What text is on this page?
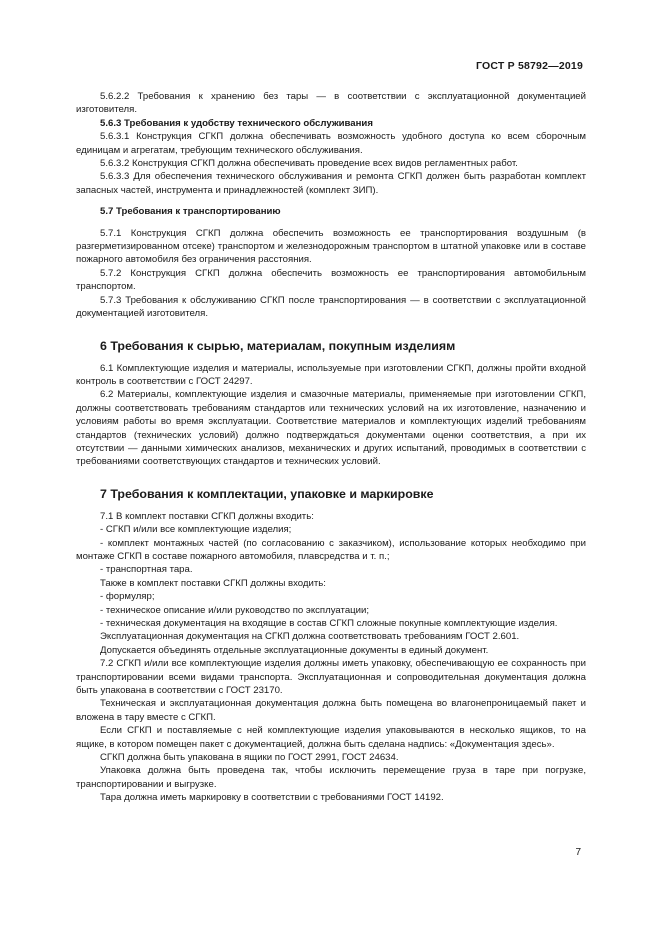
ГОСТ Р 58792—2019
5.6.2.2 Требования к хранению без тары — в соответствии с эксплуатационной документацией изготовителя.
5.6.3 Требования к удобству технического обслуживания
5.6.3.1 Конструкция СГКП должна обеспечивать возможность удобного доступа ко всем сборочным единицам и агрегатам, требующим технического обслуживания.
5.6.3.2 Конструкция СГКП должна обеспечивать проведение всех видов регламентных работ.
5.6.3.3 Для обеспечения технического обслуживания и ремонта СГКП должен быть разработан комплект запасных частей, инструмента и принадлежностей (комплект ЗИП).
5.7 Требования к транспортированию
5.7.1 Конструкция СГКП должна обеспечить возможность ее транспортирования воздушным (в разгерметизированном отсеке) транспортом и железнодорожным транспортом в штатной упаковке или в составе пожарного автомобиля без ограничения расстояния.
5.7.2 Конструкция СГКП должна обеспечить возможность ее транспортирования автомобильным транспортом.
5.7.3 Требования к обслуживанию СГКП после транспортирования — в соответствии с эксплуатационной документацией изготовителя.
6 Требования к сырью, материалам, покупным изделиям
6.1 Комплектующие изделия и материалы, используемые при изготовлении СГКП, должны пройти входной контроль в соответствии с ГОСТ 24297.
6.2 Материалы, комплектующие изделия и смазочные материалы, применяемые при изготовлении СГКП, должны соответствовать требованиям стандартов или технических условий на их изготовление, назначению и условиям работы во время эксплуатации. Соответствие материалов и комплектующих изделий требованиям стандартов (технических условий) должно подтверждаться документами оценки соответствия, а при их отсутствии — данными химических анализов, механических и других испытаний, проводимых в соответствии с требованиями соответствующих стандартов и технических условий.
7 Требования к комплектации, упаковке и маркировке
7.1 В комплект поставки СГКП должны входить:
- СГКП и/или все комплектующие изделия;
- комплект монтажных частей (по согласованию с заказчиком), использование которых необходимо при монтаже СГКП в составе пожарного автомобиля, плавсредства и т. п.;
- транспортная тара.
Также в комплект поставки СГКП должны входить:
- формуляр;
- техническое описание и/или руководство по эксплуатации;
- техническая документация на входящие в состав СГКП сложные покупные комплектующие изделия.
Эксплуатационная документация на СГКП должна соответствовать требованиям ГОСТ 2.601.
Допускается объединять отдельные эксплуатационные документы в единый документ.
7.2 СГКП и/или все комплектующие изделия должны иметь упаковку, обеспечивающую ее сохранность при транспортировании всеми видами транспорта. Эксплуатационная и сопроводительная документация должна быть упакована в соответствии с ГОСТ 23170.
Техническая и эксплуатационная документация должна быть помещена во влагонепроницаемый пакет и вложена в тару вместе с СГКП.
Если СГКП и поставляемые с ней комплектующие изделия упаковываются в несколько ящиков, то на ящике, в котором помещен пакет с документацией, должна быть сделана надпись: «Документация здесь».
СГКП должна быть упакована в ящики по ГОСТ 2991, ГОСТ 24634.
Упаковка должна быть проведена так, чтобы исключить перемещение груза в таре при погрузке, транспортировании и выгрузке.
Тара должна иметь маркировку в соответствии с требованиями ГОСТ 14192.
7
